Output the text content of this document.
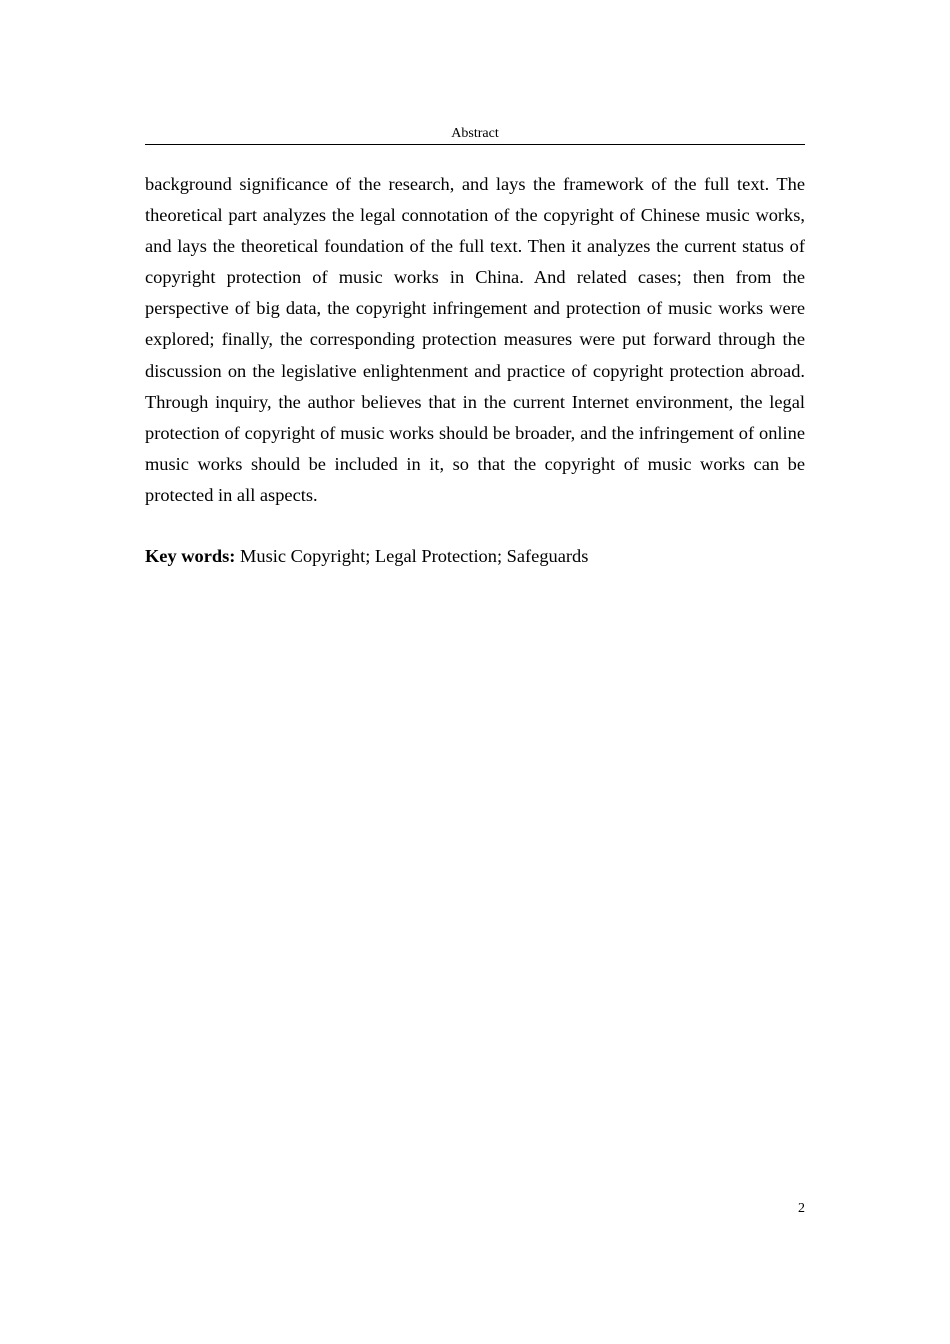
Abstract

background significance of the research, and lays the framework of the full text. The theoretical part analyzes the legal connotation of the copyright of Chinese music works, and lays the theoretical foundation of the full text. Then it analyzes the current status of copyright protection of music works in China. And related cases; then from the perspective of big data, the copyright infringement and protection of music works were explored; finally, the corresponding protection measures were put forward through the discussion on the legislative enlightenment and practice of copyright protection abroad. Through inquiry, the author believes that in the current Internet environment, the legal protection of copyright of music works should be broader, and the infringement of online music works should be included in it, so that the copyright of music works can be protected in all aspects.

Key words: Music Copyright; Legal Protection; Safeguards

2
